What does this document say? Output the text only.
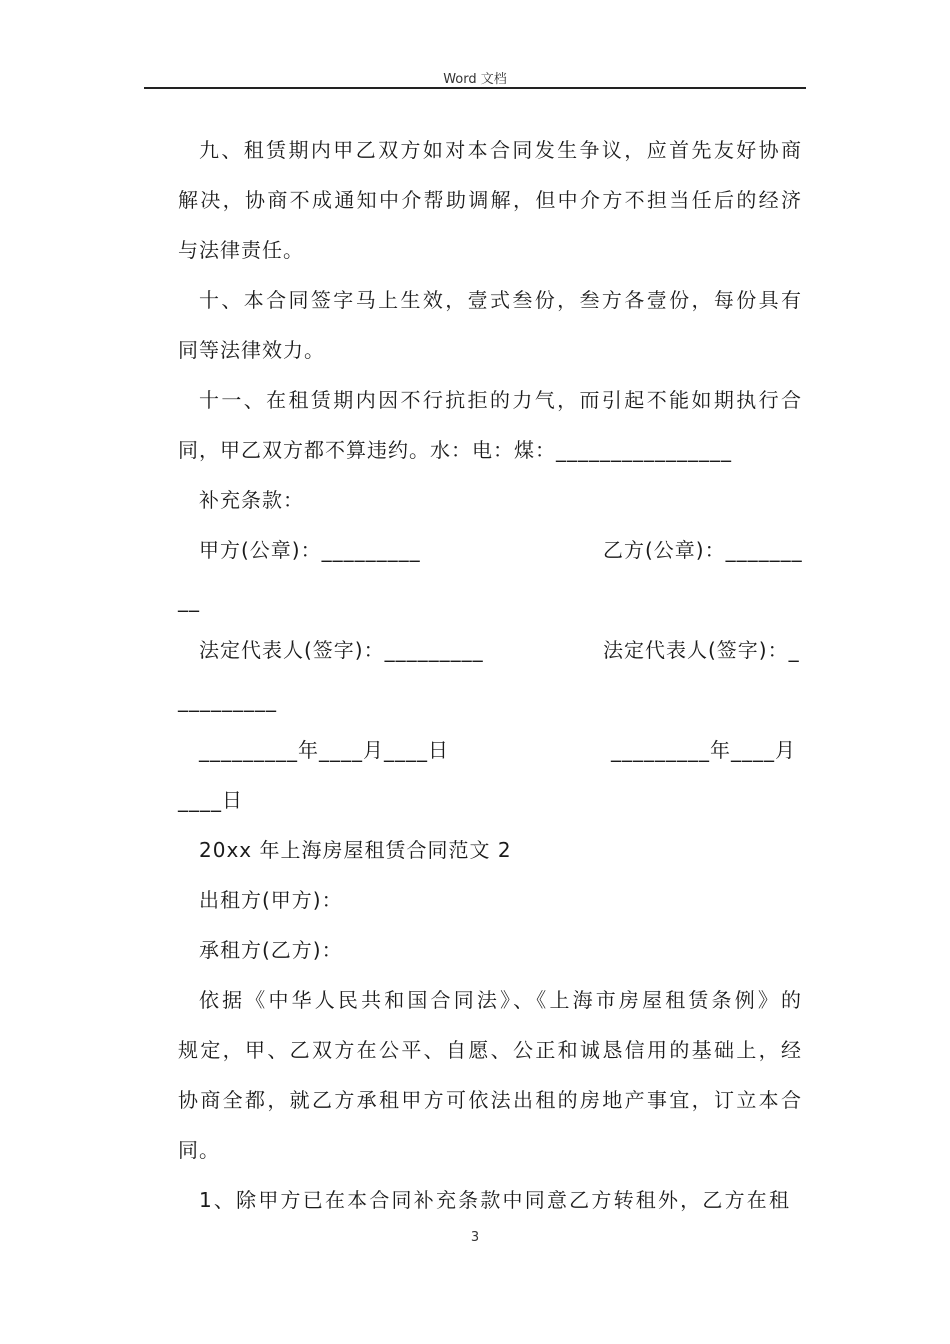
Word 文档
九、租赁期内甲乙双方如对本合同发生争议，应首先友好协商
解决，协商不成通知中介帮助调解，但中介方不担当任后的经济
与法律责任。
十、本合同签字马上生效，壹式叁份，叁方各壹份，每份具有
同等法律效力。
十一、在租赁期内因不行抗拒的力气，而引起不能如期执行合
同，甲乙双方都不算违约。水：电：煤：________________
补充条款：
甲方(公章)：_________	乙方(公章)：_______
__
法定代表人(签字)：_________	法定代表人(签字)：_
_________
_________年____月____日	_________年____月
____日
20xx 年上海房屋租赁合同范文 2
出租方(甲方)：
承租方(乙方)：
依据《中华人民共和国合同法》、《上海市房屋租赁条例》的
规定，甲、乙双方在公平、自愿、公正和诚恳信用的基础上，经
协商全都，就乙方承租甲方可依法出租的房地产事宜，订立本合
同。
1、除甲方已在本合同补充条款中同意乙方转租外，乙方在租
3
